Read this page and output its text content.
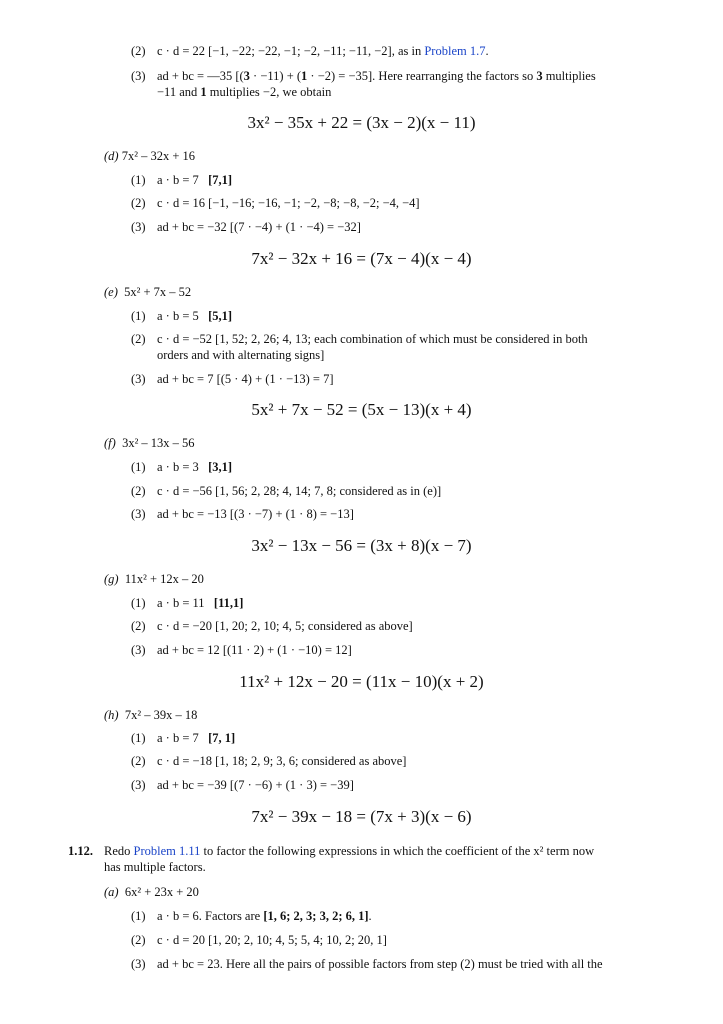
(2) c · d = 22 [−1, −22; −22, −1; −2, −11; −11, −2], as in Problem 1.7.
(3) ad + bc = —35 [(3 · −11) + (1 · −2) = −35]. Here rearranging the factors so 3 multiplies
−11 and 1 multiplies −2, we obtain
3x² − 35x + 22 = (3x − 2)(x − 11)
(d) 7x² – 32x + 16
(1) a · b = 7 [7,1]
(2) c · d = 16 [−1, −16; −16, −1; −2, −8; −8, −2; −4, −4]
(3) ad + bc = −32 [(7 · −4) + (1 · −4) = −32]
7x² − 32x + 16 = (7x − 4)(x − 4)
(e) 5x² + 7x – 52
(1) a · b = 5 [5,1]
(2) c · d = −52 [1, 52; 2, 26; 4, 13; each combination of which must be considered in both
orders and with alternating signs]
(3) ad + bc = 7 [(5 · 4) + (1 · −13) = 7]
5x² + 7x − 52 = (5x − 13)(x + 4)
(f) 3x² – 13x – 56
(1) a · b = 3 [3,1]
(2) c · d = −56 [1, 56; 2, 28; 4, 14; 7, 8; considered as in (e)]
(3) ad + bc = −13 [(3 · −7) + (1 · 8) = −13]
3x² − 13x − 56 = (3x + 8)(x − 7)
(g) 11x² + 12x – 20
(1) a · b = 11 [11,1]
(2) c · d = −20 [1, 20; 2, 10; 4, 5; considered as above]
(3) ad + bc = 12 [(11 · 2) + (1 · −10) = 12]
11x² + 12x − 20 = (11x − 10)(x + 2)
(h) 7x² – 39x – 18
(1) a · b = 7 [7, 1]
(2) c · d = −18 [1, 18; 2, 9; 3, 6; considered as above]
(3) ad + bc = −39 [(7 · −6) + (1 · 3) = −39]
7x² − 39x − 18 = (7x + 3)(x − 6)
1.12. Redo Problem 1.11 to factor the following expressions in which the coefficient of the x² term now
has multiple factors.
(a) 6x² + 23x + 20
(1) a · b = 6. Factors are [1, 6; 2, 3; 3, 2; 6, 1].
(2) c · d = 20 [1, 20; 2, 10; 4, 5; 5, 4; 10, 2; 20, 1]
(3) ad + bc = 23. Here all the pairs of possible factors from step (2) must be tried with all the
